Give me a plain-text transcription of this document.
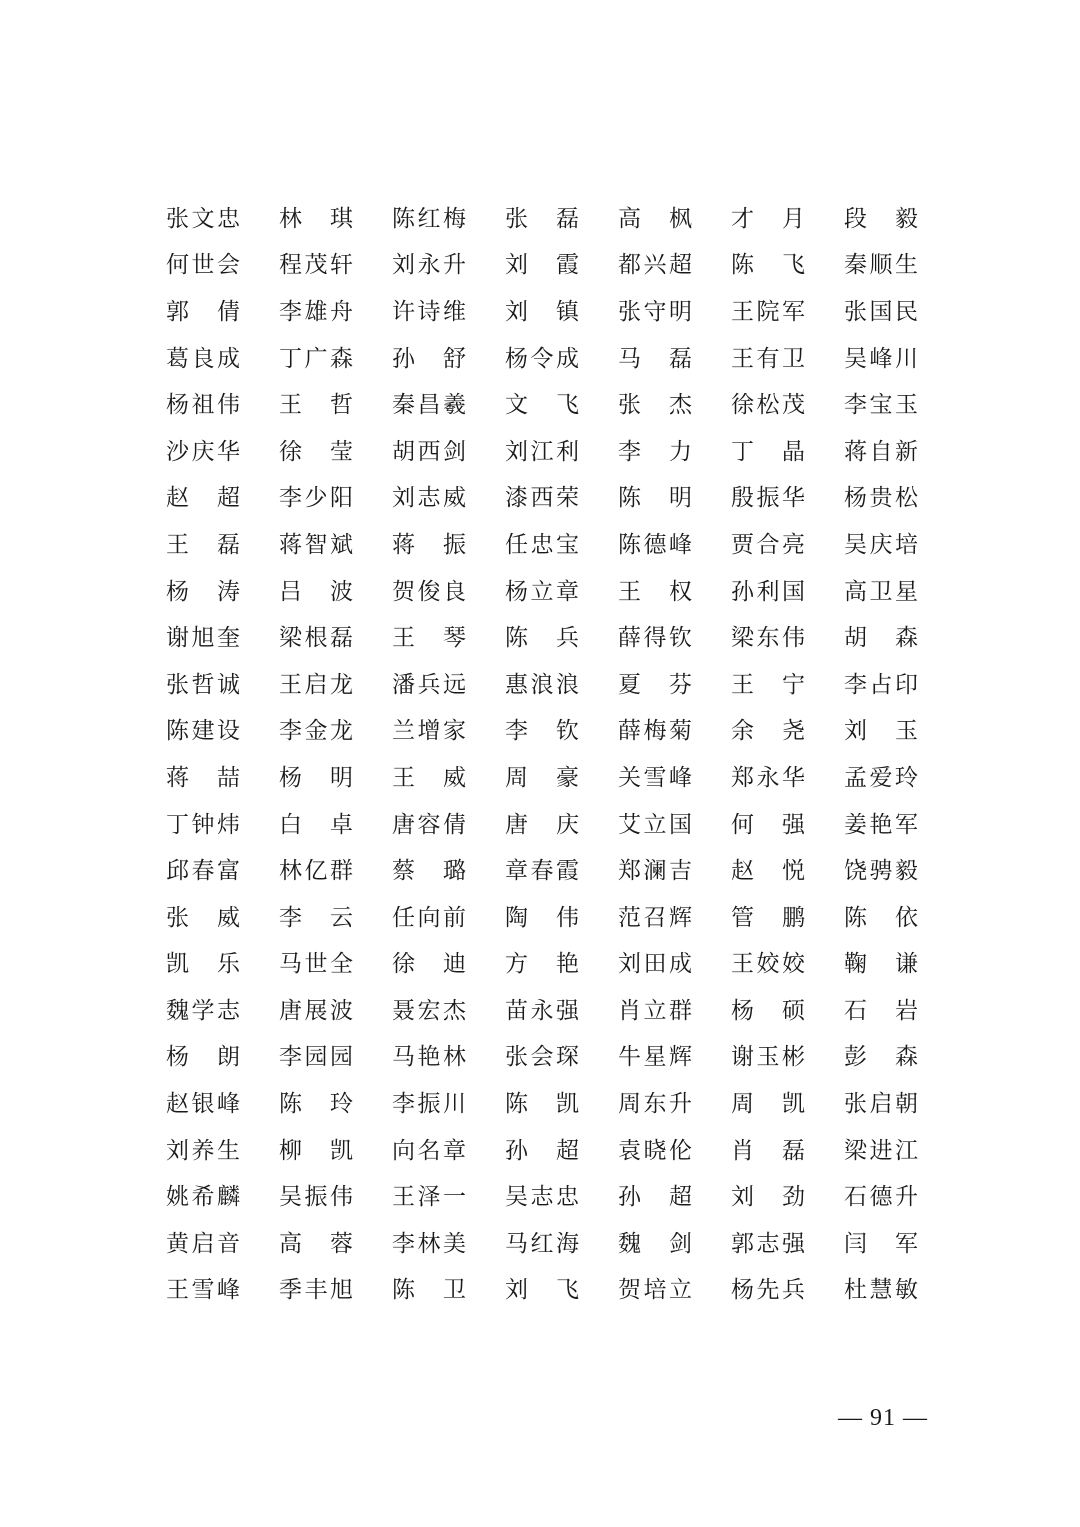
张 文 忠 林 琪 陈 红 梅 张 磊 高 枫 才 月 段 毅
何 世 会 程 茂 轩 刘 永 升 刘 霞 都 兴 超 陈 飞 秦 顺 生
郭 倩 李 雄 舟 许 诗 维 刘 镇 张 守 明 王 院 军 张 国 民
葛 良 成 丁 广 森 孙 舒 杨 令 成 马 磊 王 有 卫 吴 峰 川
杨 祖 伟 王 哲 秦 昌 羲 文 飞 张 杰 徐 松 茂 李 宝 玉
沙 庆 华 徐 莹 胡 西 剑 刘 江 利 李 力 丁 晶 蒋 自 新
赵 超 李 少 阳 刘 志 威 漆 西 荣 陈 明 殷 振 华 杨 贵 松
王 磊 蒋 智 斌 蒋 振 任 忠 宝 陈 德 峰 贾 合 亮 吴 庆 培
杨 涛 吕 波 贺 俊 良 杨 立 章 王 权 孙 利 国 高 卫 星
谢 旭 奎 梁 根 磊 王 琴 陈 兵 薛 得 钦 梁 东 伟 胡 森
张 哲 诚 王 启 龙 潘 兵 远 惠 浪 浪 夏 芬 王 宁 李 占 印
陈 建 设 李 金 龙 兰 增 家 李 钦 薛 梅 菊 余 尧 刘 玉
蒋 喆 杨 明 王 威 周 豪 关 雪 峰 郑 永 华 孟 爱 玲
丁 钟 炜 白 卓 唐 容 倩 唐 庆 艾 立 国 何 强 姜 艳 军
邱 春 富 林 亿 群 蔡 璐 章 春 霞 郑 澜 吉 赵 悦 饶 骋 毅
张 威 李 云 任 向 前 陶 伟 范 召 辉 管 鹏 陈 依
凯 乐 马 世 全 徐 迪 方 艳 刘 田 成 王 姣 姣 鞠 谦
魏 学 志 唐 展 波 聂 宏 杰 苗 永 强 肖 立 群 杨 硕 石 岩
杨 朗 李 园 园 马 艳 林 张 会 琛 牛 星 辉 谢 玉 彬 彭 森
赵 银 峰 陈 玲 李 振 川 陈 凯 周 东 升 周 凯 张 启 朝
刘 养 生 柳 凯 向 名 章 孙 超 袁 晓 伦 肖 磊 梁 进 江
姚 希 麟 吴 振 伟 王 泽 一 吴 志 忠 孙 超 刘 劲 石 德 升
黄 启 音 高 蓉 李 林 美 马 红 海 魏 剑 郭 志 强 闫 军
王 雪 峰 季 丰 旭 陈 卫 刘 飞 贺 培 立 杨 先 兵 杜 慧 敏
— 91 —
